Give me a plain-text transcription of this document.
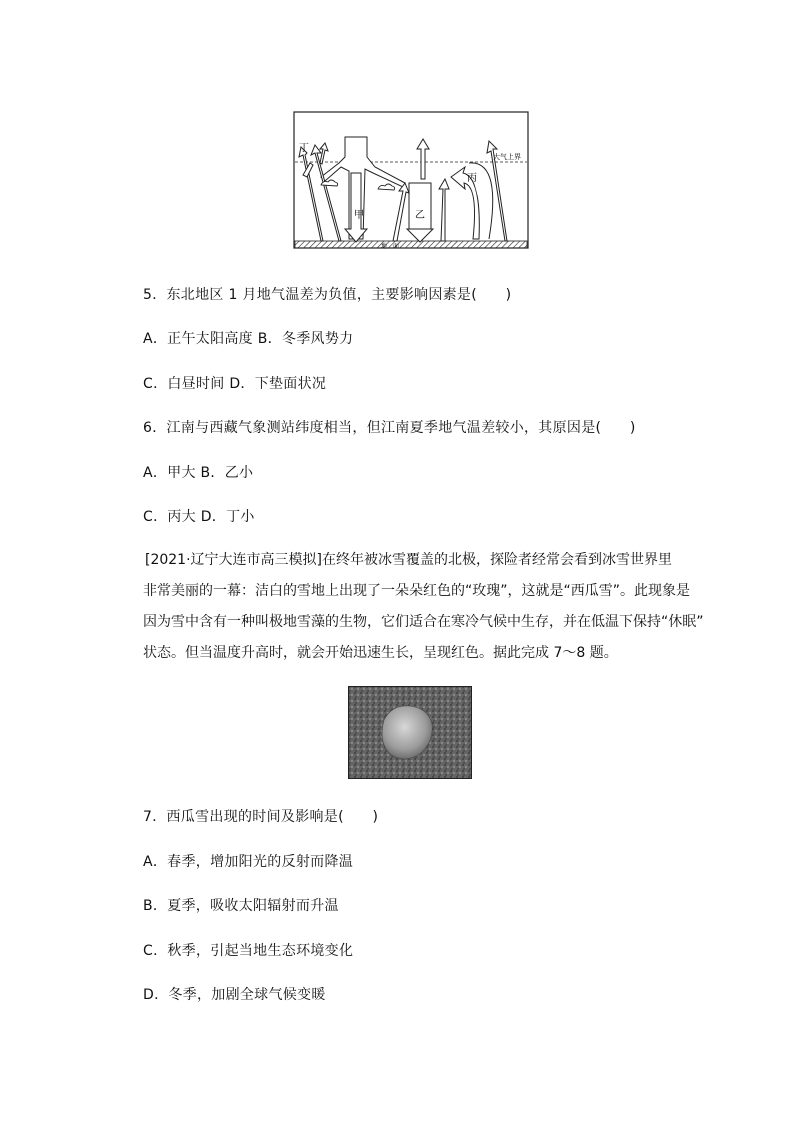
丁
甲	乙
丙
大气上界
地　面
5．东北地区 1 月地气温差为负值，主要影响因素是(　　)
A．正午太阳高度 B．冬季风势力
C．白昼时间 D．下垫面状况
6．江南与西藏气象测站纬度相当，但江南夏季地气温差较小，其原因是(　　)
A．甲大 B．乙小
C．丙大 D．丁小
[2021·辽宁大连市高三模拟]在终年被冰雪覆盖的北极，探险者经常会看到冰雪世界里
非常美丽的一幕：洁白的雪地上出现了一朵朵红色的“玫瑰”，这就是“西瓜雪”。此现象是
因为雪中含有一种叫极地雪藻的生物，它们适合在寒冷气候中生存，并在低温下保持“休眠”
状态。但当温度升高时，就会开始迅速生长，呈现红色。据此完成 7～8 题。
7．西瓜雪出现的时间及影响是(　　)
A．春季，增加阳光的反射而降温
B．夏季，吸收太阳辐射而升温
C．秋季，引起当地生态环境变化
D．冬季，加剧全球气候变暖
